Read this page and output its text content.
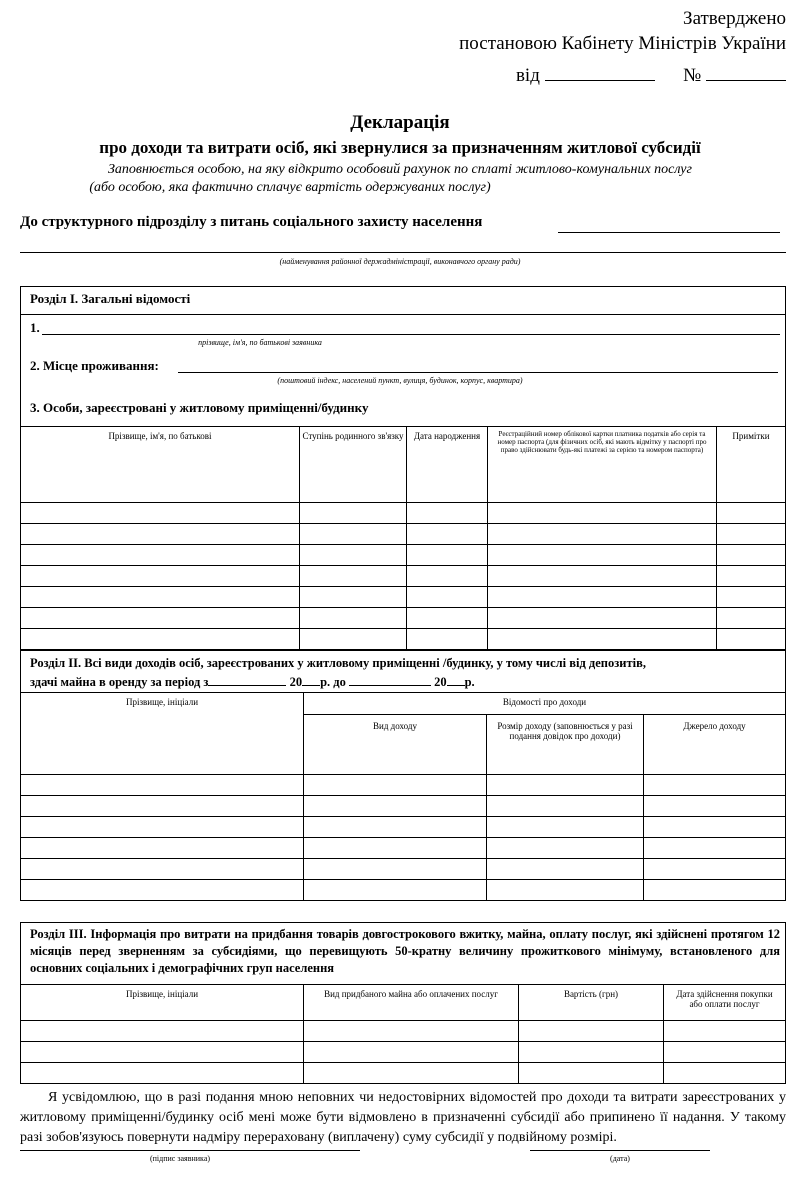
Затверджено
постановою Кабінету Міністрів України
від	№
Декларація
про доходи та витрати осіб, які звернулися за призначенням житлової субсидії
Заповнюється особою, на яку відкрито особовий рахунок по сплаті житлово-комунальних послуг
(або особою, яка фактично сплачує вартість одержуваних послуг)
До структурного підрозділу з питань соціального захисту населення
(найменування районної держадміністрації, виконавчого органу ради)
Розділ I. Загальні відомості
1.
прізвище, ім'я, по батькові заявника
2. Місце проживання:
(поштовий індекс, населений пункт, вулиця, будинок, корпус, квартира)
3. Особи, зареєстровані у житловому приміщенні/будинку
Прізвище, ім'я, по батькові	Ступінь родинного зв'язку	Дата народження	Реєстраційний номер облікової картки платника податків або серія та номер паспорта (для фізичних осіб, які мають відмітку у паспорті про право здійснювати будь-які платежі за серією та номером паспорта)	Примітки

Розділ II. Всі види доходів осіб, зареєстрованих у житловому приміщенні /будинку, у тому числі від депозитів,
здачі майна в оренду за період з	20 р. до	20 р.
Прізвище, ініціали	Відомості про доходи		
	Вид доходу	Розмір доходу (заповнюється у разі подання довідок про доходи)	Джерело доходу

Розділ III. Інформація про витрати на придбання товарів довгострокового вжитку, майна, оплату послуг, які здійснені протягом 12 місяців перед зверненням за субсидіями, що перевищують 50-кратну величину прожиткового мінімуму, встановленого для основних соціальних і демографічних груп населення
Прізвище, ініціали	Вид придбаного майна або оплачених послуг	Вартість (грн)	Дата здійснення покупки або оплати послуг

Я усвідомлюю, що в разі подання мною неповних чи недостовірних відомостей про доходи та витрати зареєстрованих у житловому приміщенні/будинку осіб мені може бути відмовлено в призначенні субсидії або припинено її надання. У такому разі зобов'язуюсь повернути надміру перераховану (виплачену) суму субсидії у подвійному розмірі.
(підпис заявника)	(дата)
